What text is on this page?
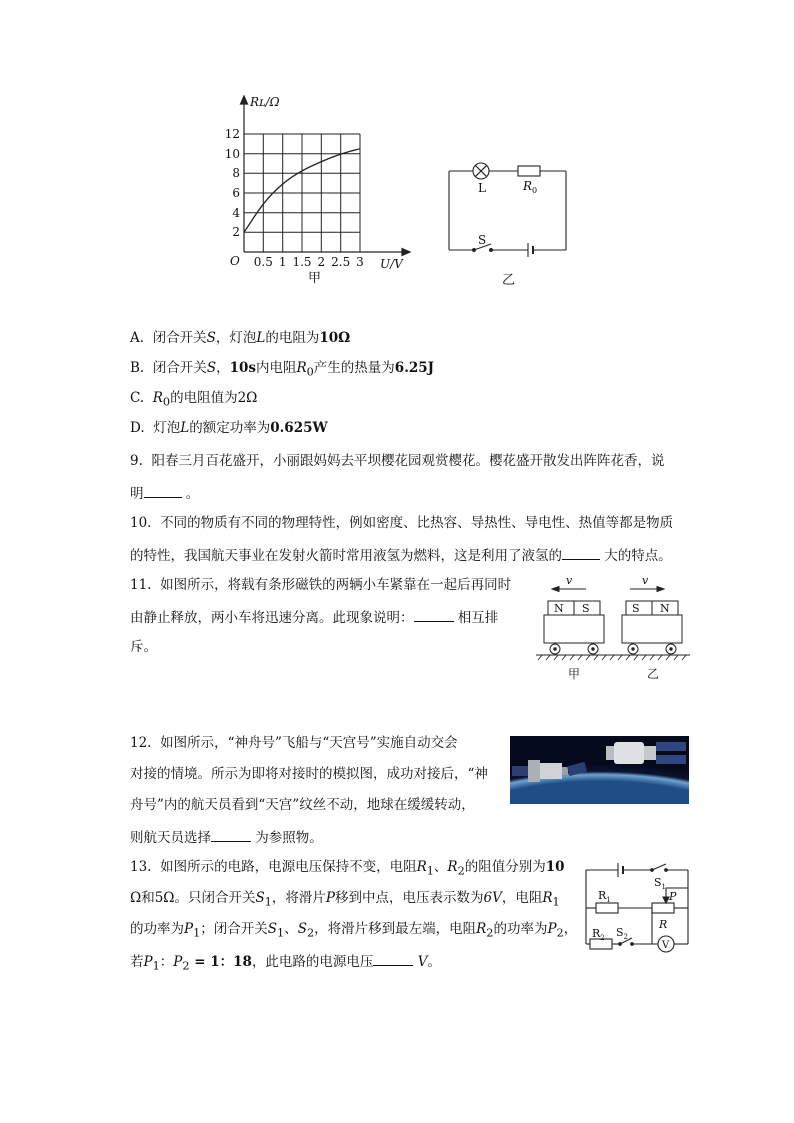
Rʟ/Ω
O
12
10
8
6
4
2
0.5 1 1.5 2 2.5 3 U/V
甲
L	$R_0$
S
乙
A. 闭合开关S，灯泡L的电阻为10Ω
B. 闭合开关S，10s内电阻$R_0$产生的热量为6.25J
C. $R_0$的电阻值为2Ω
D. 灯泡L的额定功率为0.625W
9. 阳春三月百花盛开，小丽跟妈妈去平坝樱花园观赏樱花。樱花盛开散发出阵阵花香，说
明	。
10. 不同的物质有不同的物理特性，例如密度、比热容、导热性、导电性、热值等都是物质
的特性，我国航天事业在发射火箭时常用液氢为燃料，这是利用了液氢的	大的特点。
11. 如图所示，将载有条形磁铁的两辆小车紧靠在一起后再同时
由静止释放，两小车将迅速分离。此现象说明：	相互排
斥。
v	v
N S	S N
甲	乙
12. 如图所示，“神舟号”飞船与“天宫号”实施自动交会
对接的情境。所示为即将对接时的模拟图，成功对接后，“神
舟号”内的航天员看到“天宫”纹丝不动，地球在缓缓转动，
则航天员选择	为参照物。
13. 如图所示的电路，电源电压保持不变，电阻$R_1$、$R_2$的阻值分别为10
Ω和5Ω。只闭合开关$S_1$，将滑片P移到中点，电压表示数为6V，电阻$R_1$
的功率为$P_1$；闭合开关$S_1$、$S_2$，将滑片移到最左端，电阻$R_2$的功率为$P_2$，
若$P_1$：$P_2 = 1$：18，此电路的电源电压	V。
$S_1$
$R_1$	P
R
$R_2$ $S_2$
V
